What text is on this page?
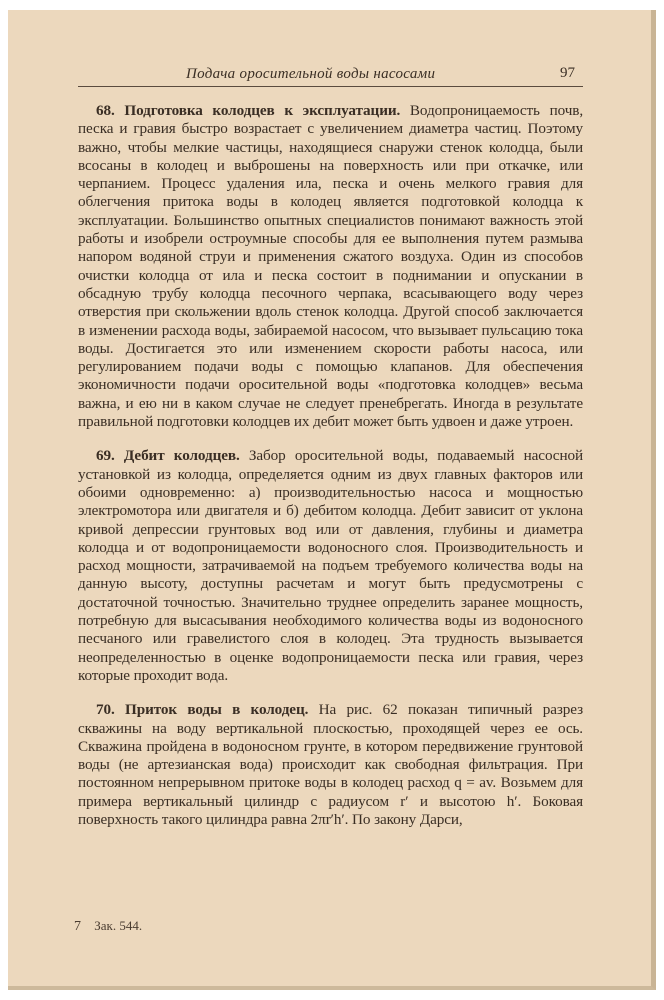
Подача оросительной воды насосами	97

68. Подготовка колодцев к эксплуатации. Водопроницаемость почв, песка и гравия быстро возрастает с увеличением диаметра частиц. Поэтому важно, чтобы мелкие частицы, находящиеся снаружи стенок колодца, были всосаны в колодец и выброшены на поверхность или при откачке, или черпанием. Процесс удаления ила, песка и очень мелкого гравия для облегчения притока воды в колодец является подготовкой колодца к эксплуатации. Большинство опытных специалистов понимают важность этой работы и изобрели остроумные способы для ее выполнения путем размыва напором водяной струи и применения сжатого воздуха. Один из способов очистки колодца от ила и песка состоит в поднимании и опускании в обсадную трубу колодца песочного черпака, всасывающего воду через отверстия при скольжении вдоль стенок колодца. Другой способ заключается в изменении расхода воды, забираемой насосом, что вызывает пульсацию тока воды. Достигается это или изменением скорости работы насоса, или регулированием подачи воды с помощью клапанов. Для обеспечения экономичности подачи оросительной воды «подготовка колодцев» весьма важна, и ею ни в каком случае не следует пренебрегать. Иногда в результате правильной подготовки колодцев их дебит может быть удвоен и даже утроен.

69. Дебит колодцев. Забор оросительной воды, подаваемый насосной установкой из колодца, определяется одним из двух главных факторов или обоими одновременно: а) производительностью насоса и мощностью электромотора или двигателя и б) дебитом колодца. Дебит зависит от уклона кривой депрессии грунтовых вод или от давления, глубины и диаметра колодца и от водопроницаемости водоносного слоя. Производительность и расход мощности, затрачиваемой на подъем требуемого количества воды на данную высоту, доступны расчетам и могут быть предусмотрены с достаточной точностью. Значительно труднее определить заранее мощность, потребную для высасывания необходимого количества воды из водоносного песчаного или гравелистого слоя в колодец. Эта трудность вызывается неопределенностью в оценке водопроницаемости песка или гравия, через которые проходит вода.

70. Приток воды в колодец. На рис. 62 показан типичный разрез скважины на воду вертикальной плоскостью, проходящей через ее ось. Скважина пройдена в водоносном грунте, в котором передвижение грунтовой воды (не артезианская вода) происходит как свободная фильтрация. При постоянном непрерывном притоке воды в колодец расход q = av. Возьмем для примера вертикальный цилиндр с радиусом r′ и высотою h′. Боковая поверхность такого цилиндра равна 2πr′h′. По закону Дарси,

7 Зак. 544.
